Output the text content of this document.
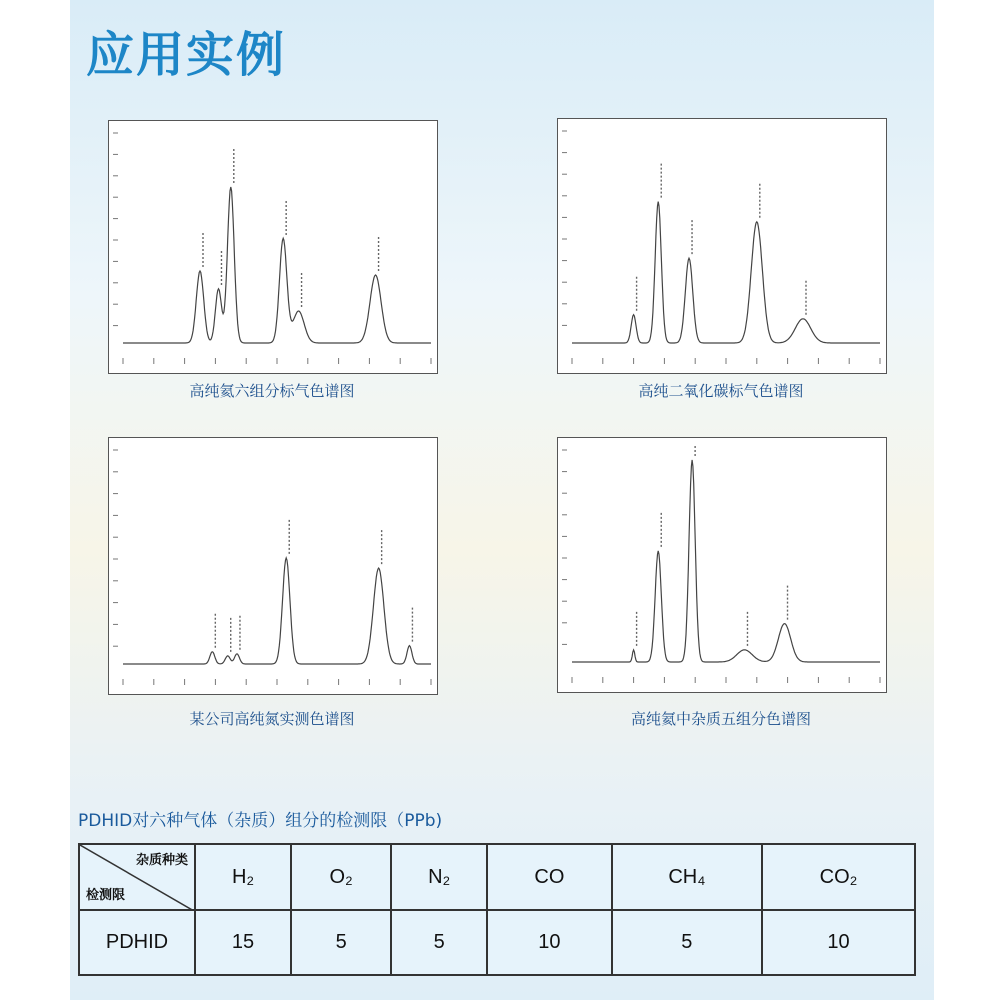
应用实例
高纯氦六组分标气色谱图	高纯二氧化碳标气色谱图
某公司高纯氮实测色谱图	高纯氦中杂质五组分色谱图
PDHID对六种气体（杂质）组分的检测限（PPb)
杂质种类
检测限	H₂	O₂	N₂	CO	CH₄	CO₂
PDHID	15	5	5	10	5	10
